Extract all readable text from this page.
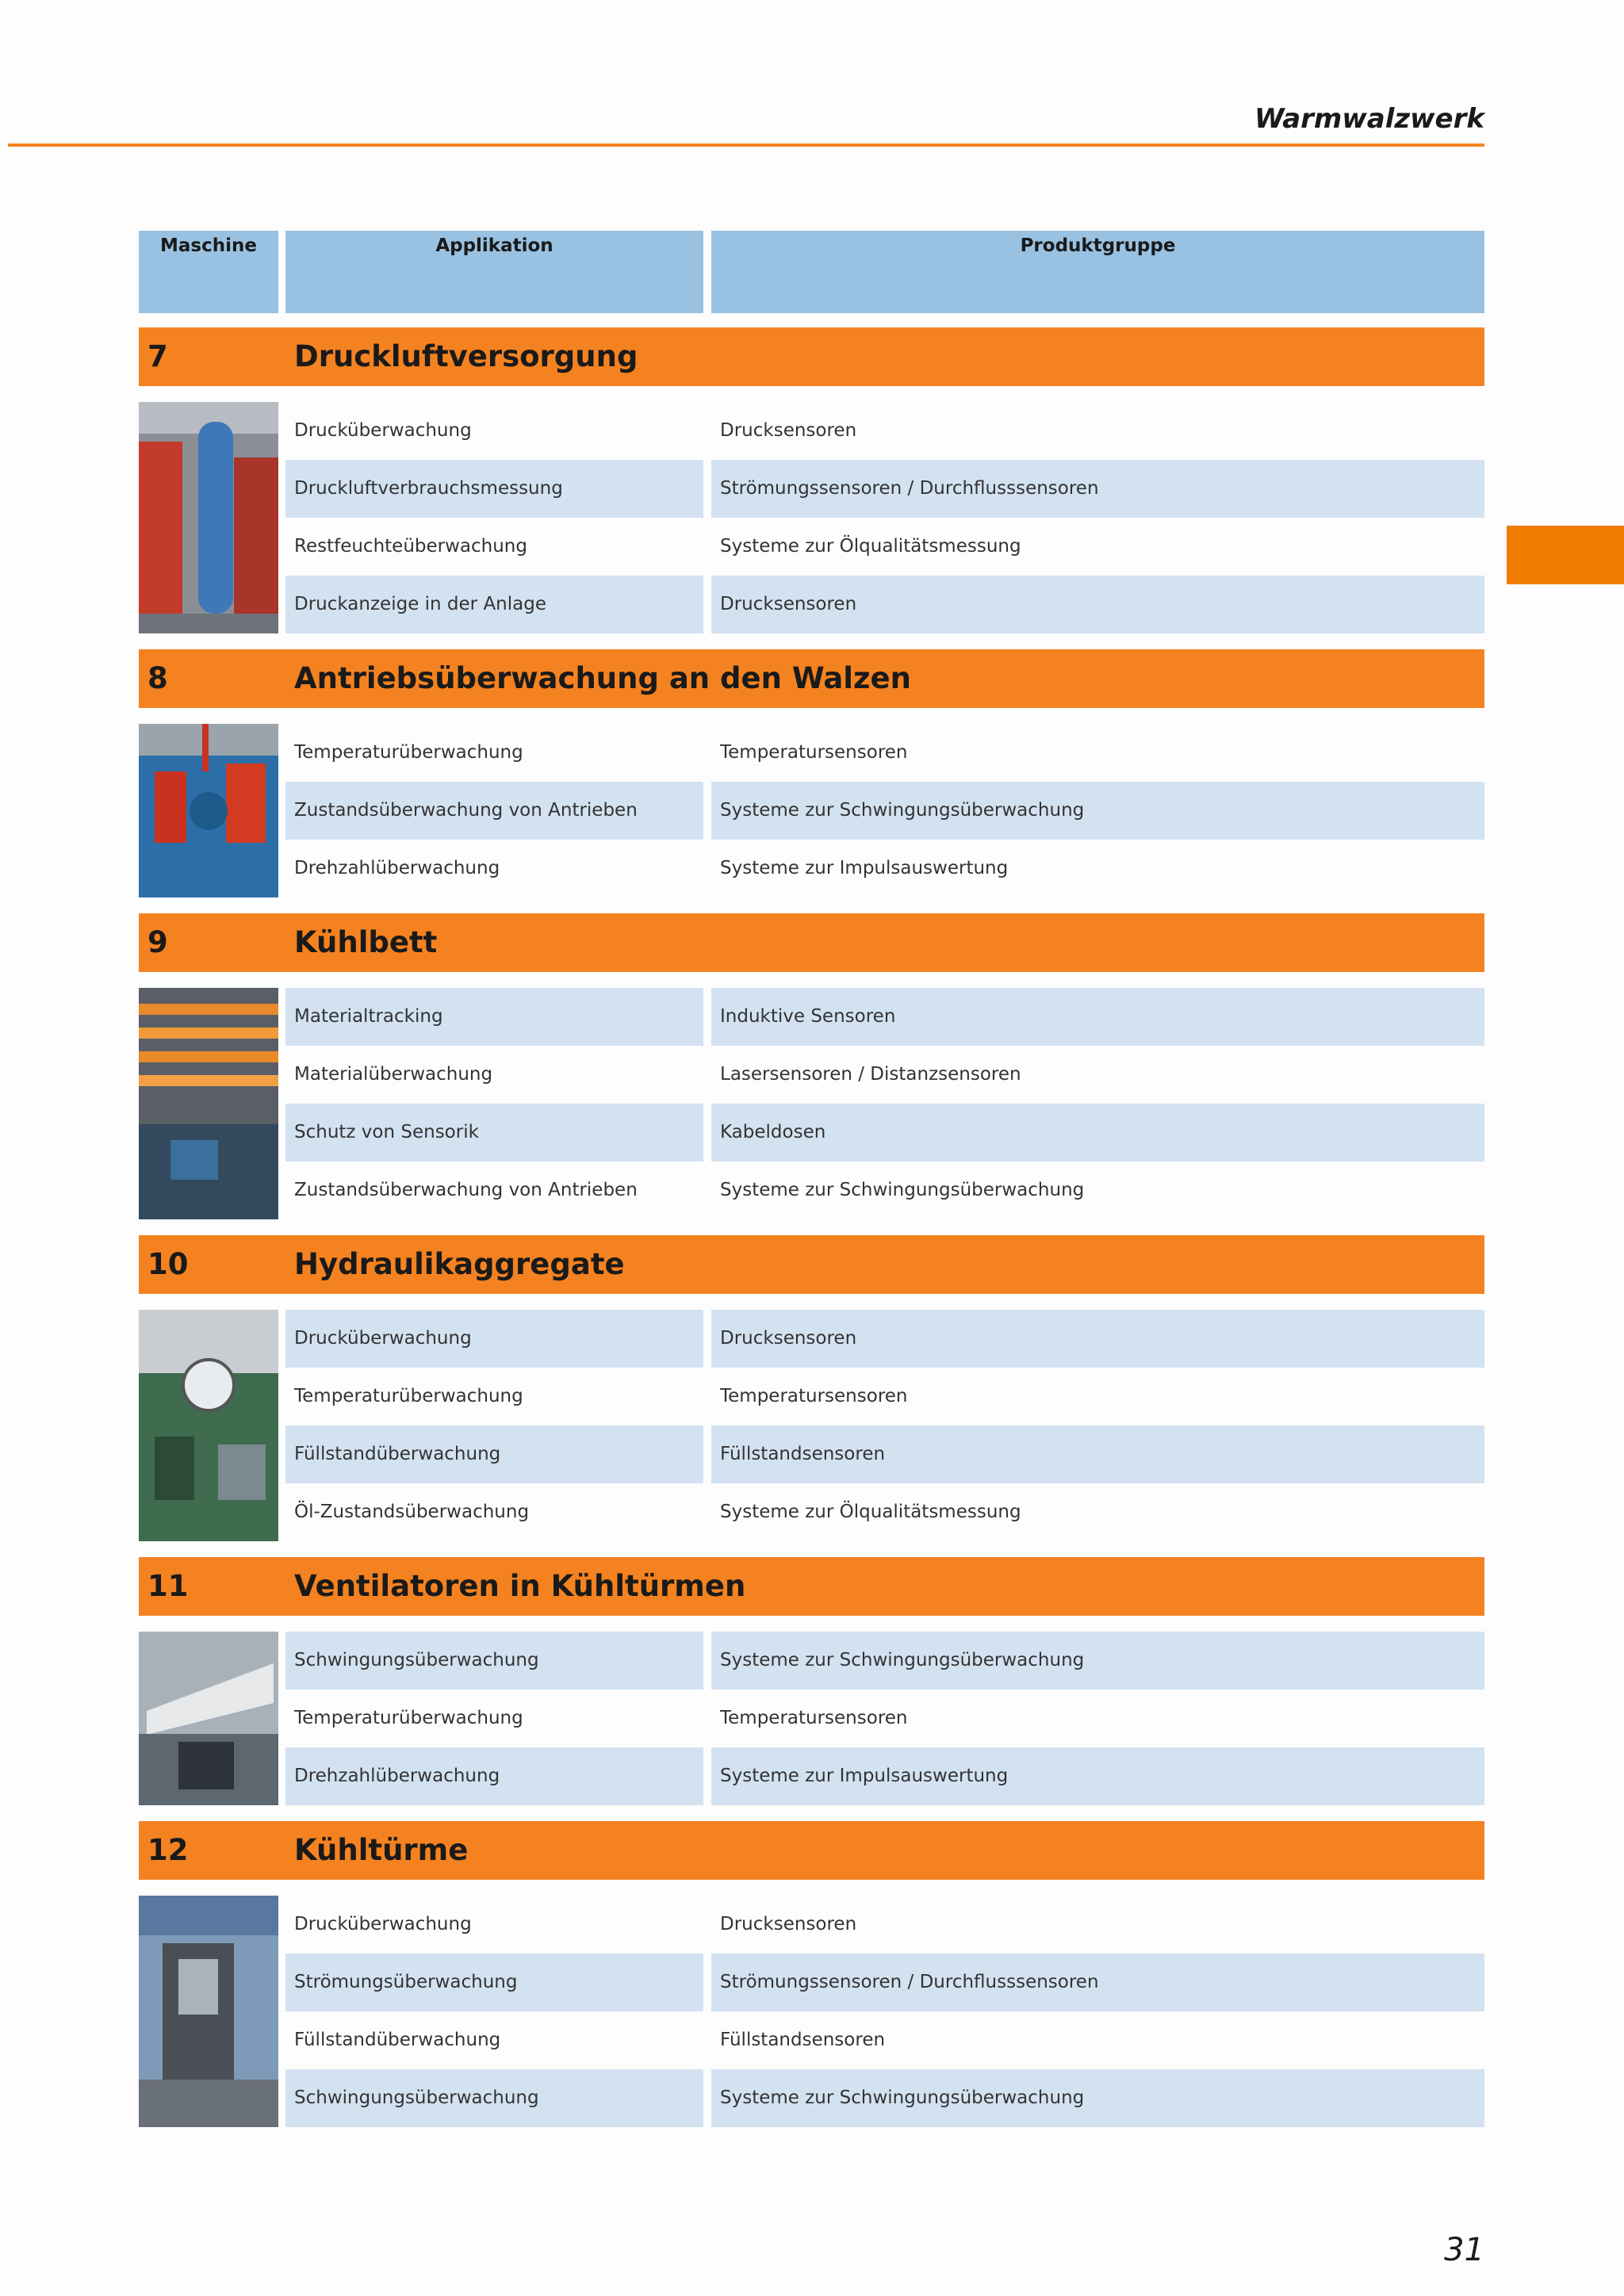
Warmwalzwerk
Maschine	Applikation	Produktgruppe
7	Druckluftversorgung
Drucküberwachung	Drucksensoren
Druckluftverbrauchsmessung	Strömungssensoren / Durchflusssensoren
Restfeuchteüberwachung	Systeme zur Ölqualitätsmessung
Druckanzeige in der Anlage	Drucksensoren
8	Antriebsüberwachung an den Walzen
Temperaturüberwachung	Temperatursensoren
Zustandsüberwachung von Antrieben	Systeme zur Schwingungsüberwachung
Drehzahlüberwachung	Systeme zur Impulsauswertung
9	Kühlbett
Materialtracking	Induktive Sensoren
Materialüberwachung	Lasersensoren / Distanzsensoren
Schutz von Sensorik	Kabeldosen
Zustandsüberwachung von Antrieben	Systeme zur Schwingungsüberwachung
10	Hydraulikaggregate
Drucküberwachung	Drucksensoren
Temperaturüberwachung	Temperatursensoren
Füllstandüberwachung	Füllstandsensoren
Öl-Zustandsüberwachung	Systeme zur Ölqualitätsmessung
11	Ventilatoren in Kühltürmen
Schwingungsüberwachung	Systeme zur Schwingungsüberwachung
Temperaturüberwachung	Temperatursensoren
Drehzahlüberwachung	Systeme zur Impulsauswertung
12	Kühltürme
Drucküberwachung	Drucksensoren
Strömungsüberwachung	Strömungssensoren / Durchflusssensoren
Füllstandüberwachung	Füllstandsensoren
Schwingungsüberwachung	Systeme zur Schwingungsüberwachung
31
